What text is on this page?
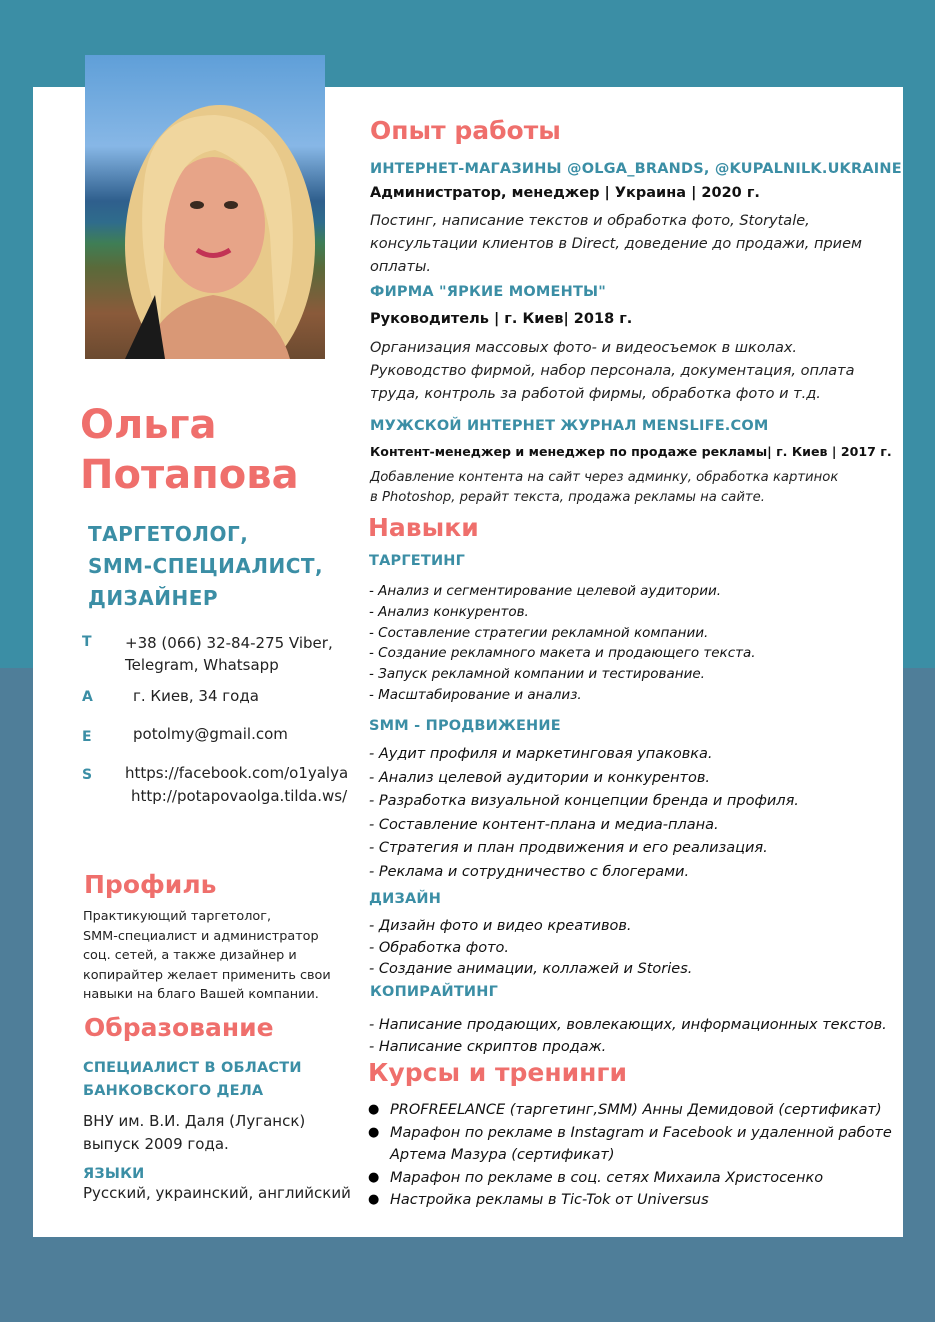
Ольга
Потапова
ТАРГЕТОЛОГ,
SMM-СПЕЦИАЛИСТ,
ДИЗАЙНЕР
T +38 (066) 32-84-275 Viber,
Telegram, Whatsapp
A	г. Киев, 34 года
E	potolmy@gmail.com
S https://facebook.com/o1yalya
http://potapovaolga.tilda.ws/
Профиль
Практикующий таргетолог,
SMM-специалист и администратор
соц. сетей, а также дизайнер и
копирайтер желает применить свои
навыки на благо Вашей компании.
Образование
СПЕЦИАЛИСТ В ОБЛАСТИ
БАНКОВСКОГО ДЕЛА
ВНУ им. В.И. Даля (Луганск)
выпуск 2009 года.
ЯЗЫКИ
Русский, украинский, английский
Опыт работы
ИНТЕРНЕТ-МАГАЗИНЫ @OLGA_BRANDS, @KUPALNILK.UKRAINE
Администратор, менеджер | Украина | 2020 г.
Постинг, написание текстов и обработка фото, Storytale,
консультации клиентов в Direct, доведение до продажи, прием
оплаты.
ФИРМА "ЯРКИЕ МОМЕНТЫ"
Руководитель | г. Киев| 2018 г.
Организация массовых фото- и видеосъемок в школах.
Руководство фирмой, набор персонала, документация, оплата
труда, контроль за работой фирмы, обработка фото и т.д.
МУЖСКОЙ ИНТЕРНЕТ ЖУРНАЛ MENSLIFE.COM
Контент-менеджер и менеджер по продаже рекламы| г. Киев | 2017 г.
Добавление контента на сайт через админку, обработка картинок
в Photoshop, рерайт текста, продажа рекламы на сайте.
Навыки
ТАРГЕТИНГ
- Анализ и сегментирование целевой аудитории.
- Анализ конкурентов.
- Составление стратегии рекламной компании.
- Создание рекламного макета и продающего текста.
- Запуск рекламной компании и тестирование.
- Масштабирование и анализ.
SMM - ПРОДВИЖЕНИЕ
- Аудит профиля и маркетинговая упаковка.
- Анализ целевой аудитории и конкурентов.
- Разработка визуальной концепции бренда и профиля.
- Составление контент-плана и медиа-плана.
- Стратегия и план продвижения и его реализация.
- Реклама и сотрудничество с блогерами.
ДИЗАЙН
- Дизайн фото и видео креативов.
- Обработка фото.
- Создание анимации, коллажей и Stories.
КОПИРАЙТИНГ
- Написание продающих, вовлекающих, информационных текстов.
- Написание скриптов продаж.
Курсы и тренинги
● PROFREELANCE (таргетинг,SMM) Анны Демидовой (сертификат)
● Марафон по рекламе в Instagram и Facebook и удаленной работе
Артема Мазура (сертификат)
● Марафон по рекламе в соц. сетях Михаила Христосенко
● Настройка рекламы в Tic-Tok от Universus
